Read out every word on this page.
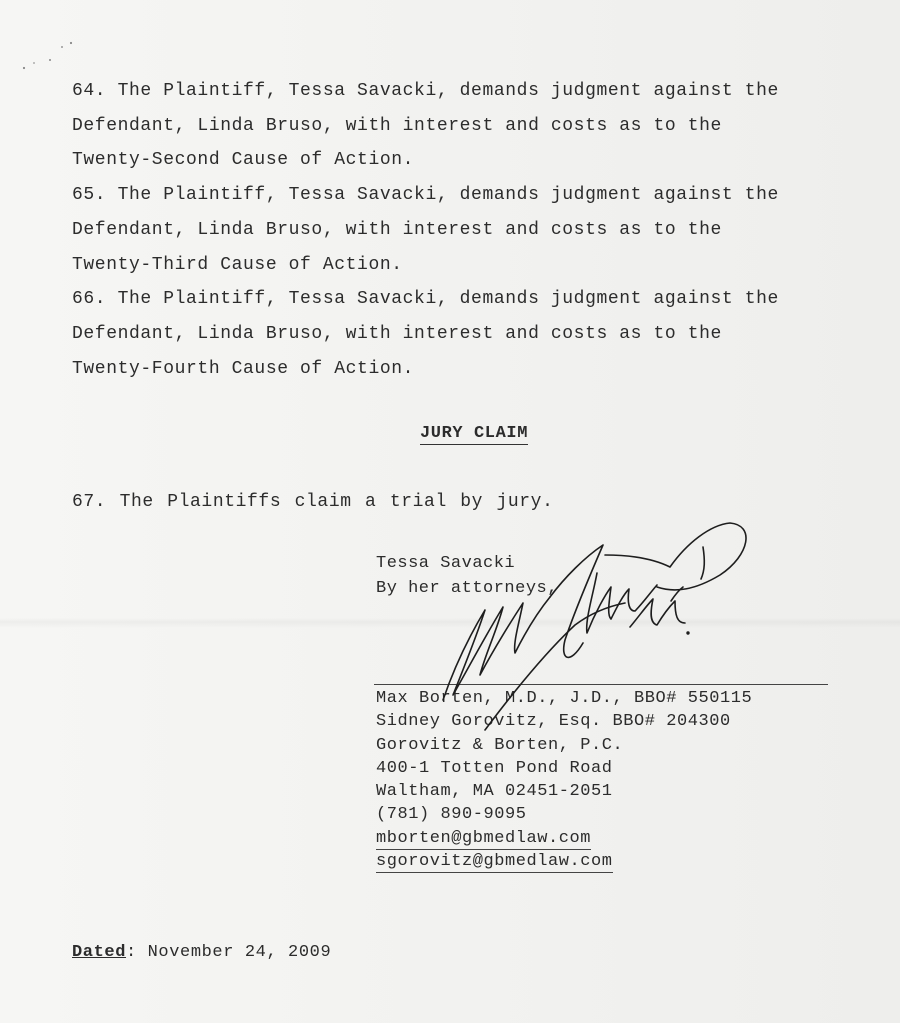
64. The Plaintiff, Tessa Savacki, demands judgment against the
Defendant, Linda Bruso, with interest and costs as to the
Twenty-Second Cause of Action.

65. The Plaintiff, Tessa Savacki, demands judgment against the
Defendant, Linda Bruso, with interest and costs as to the
Twenty-Third Cause of Action.

66. The Plaintiff, Tessa Savacki, demands judgment against the
Defendant, Linda Bruso, with interest and costs as to the
Twenty-Fourth Cause of Action.

JURY CLAIM
67. The Plaintiffs claim a trial by jury.
Tessa Savacki
By her attorneys,
Max Borten, M.D., J.D., BBO# 550115
Sidney Gorovitz, Esq. BBO# 204300
Gorovitz & Borten, P.C.
400-1 Totten Pond Road
Waltham, MA 02451-2051
(781) 890-9095
mborten@gbmedlaw.com
sgorovitz@gbmedlaw.com
Dated: November 24, 2009
